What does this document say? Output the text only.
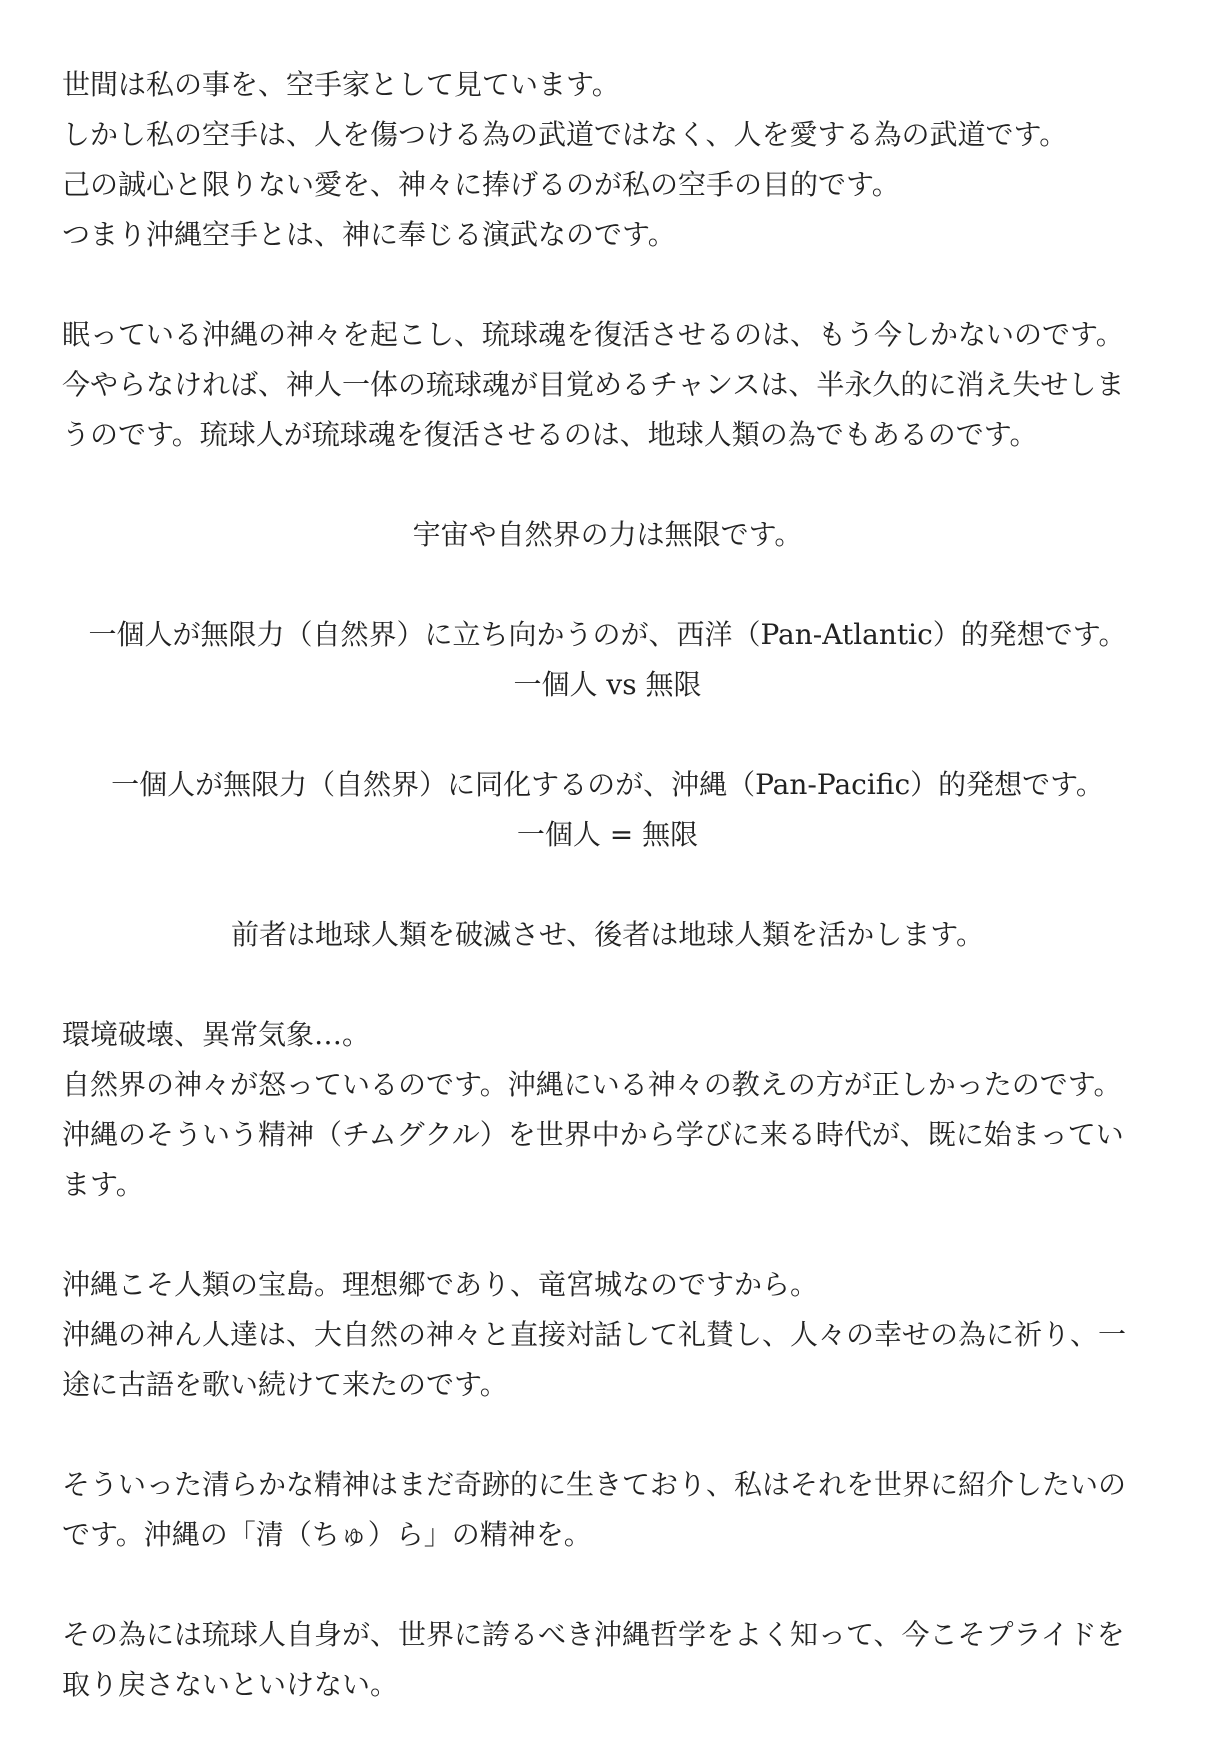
世間は私の事を、空手家として見ています。
しかし私の空手は、人を傷つける為の武道ではなく、人を愛する為の武道です。
己の誠心と限りない愛を、神々に捧げるのが私の空手の目的です。
つまり沖縄空手とは、神に奉じる演武なのです。
眠っている沖縄の神々を起こし、琉球魂を復活させるのは、もう今しかないのです。
今やらなければ、神人一体の琉球魂が目覚めるチャンスは、半永久的に消え失せしま
うのです。琉球人が琉球魂を復活させるのは、地球人類の為でもあるのです。
宇宙や自然界の力は無限です。
一個人が無限力（自然界）に立ち向かうのが、西洋（Pan-Atlantic）的発想です。
一個人 vs 無限
一個人が無限力（自然界）に同化するのが、沖縄（Pan-Pacific）的発想です。
一個人 = 無限
前者は地球人類を破滅させ、後者は地球人類を活かします。
環境破壊、異常気象…。
自然界の神々が怒っているのです。沖縄にいる神々の教えの方が正しかったのです。
沖縄のそういう精神（チムグクル）を世界中から学びに来る時代が、既に始まってい
ます。
沖縄こそ人類の宝島。理想郷であり、竜宮城なのですから。
沖縄の神ん人達は、大自然の神々と直接対話して礼賛し、人々の幸せの為に祈り、一
途に古語を歌い続けて来たのです。
そういった清らかな精神はまだ奇跡的に生きており、私はそれを世界に紹介したいの
です。沖縄の「清（ちゅ）ら」の精神を。
その為には琉球人自身が、世界に誇るべき沖縄哲学をよく知って、今こそプライドを
取り戻さないといけない。
